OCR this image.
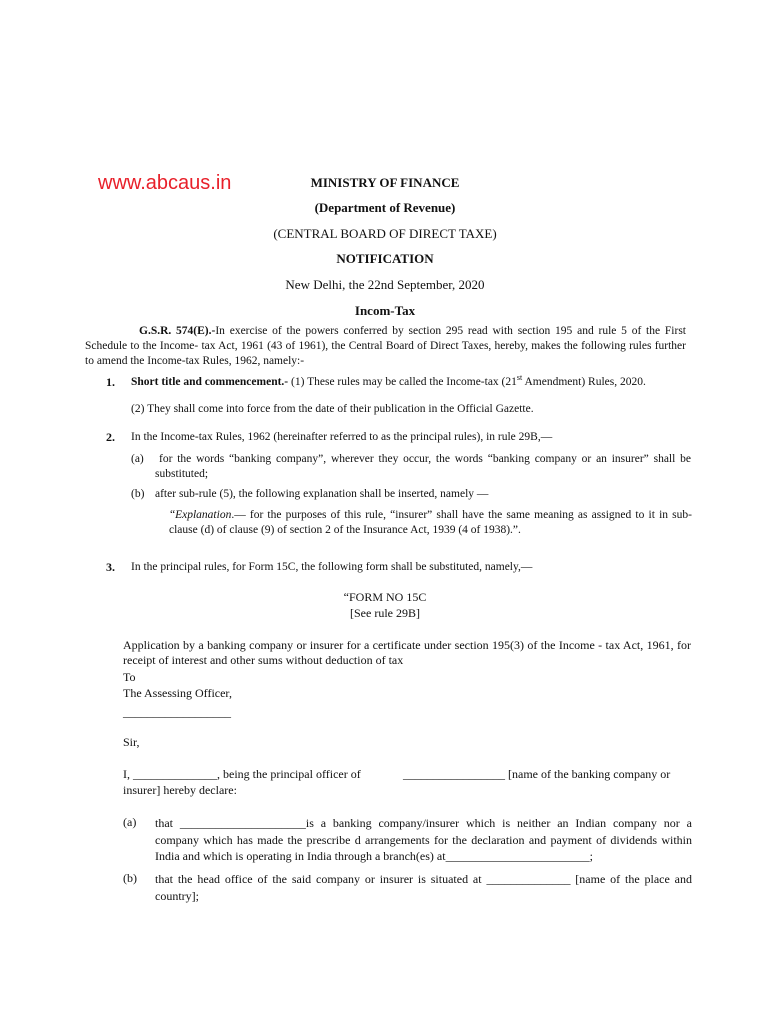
www.abcaus.in	MINISTRY OF FINANCE
(Department of Revenue)
(CENTRAL BOARD OF DIRECT TAXE)
NOTIFICATION
New Delhi, the 22nd September, 2020
Incom-Tax
G.S.R. 574(E).-In exercise of the powers conferred by section 295 read with section 195 and rule 5 of the First Schedule to the Income- tax Act, 1961 (43 of 1961), the Central Board of Direct Taxes, hereby, makes the following rules further to amend the Income-tax Rules, 1962, namely:-
1. Short title and commencement.- (1) These rules may be called the Income-tax (21st Amendment) Rules, 2020.
(2) They shall come into force from the date of their publication in the Official Gazette.
2. In the Income-tax Rules, 1962 (hereinafter referred to as the principal rules), in rule 29B,—
(a)	for the words “banking company”, wherever they occur, the words “banking company or an insurer” shall be substituted;
(b) after sub-rule (5), the following explanation shall be inserted, namely —
“Explanation.— for the purposes of this rule, “insurer” shall have the same meaning as assigned to it in sub-clause (d) of clause (9) of section 2 of the Insurance Act, 1939 (4 of 1938).”.
3. In the principal rules, for Form 15C, the following form shall be substituted, namely,—
“FORM NO 15C
[See rule 29B]
Application by a banking company or insurer for a certificate under section 195(3) of the Income - tax Act, 1961, for receipt of interest and other sums without deduction of tax
To
The Assessing Officer,
__________________
Sir,
I, ______________, being the principal officer of	_________________ [name of the banking company or
insurer] hereby declare:
(a) that _____________________is a banking company/insurer which is neither an Indian company nor a company which has made the prescribe d arrangements for the declaration and payment of dividends within India and which is operating in India through a branch(es) at________________________;
(b) that the head office of the said company or insurer is situated at ______________ [name of the place and country];
